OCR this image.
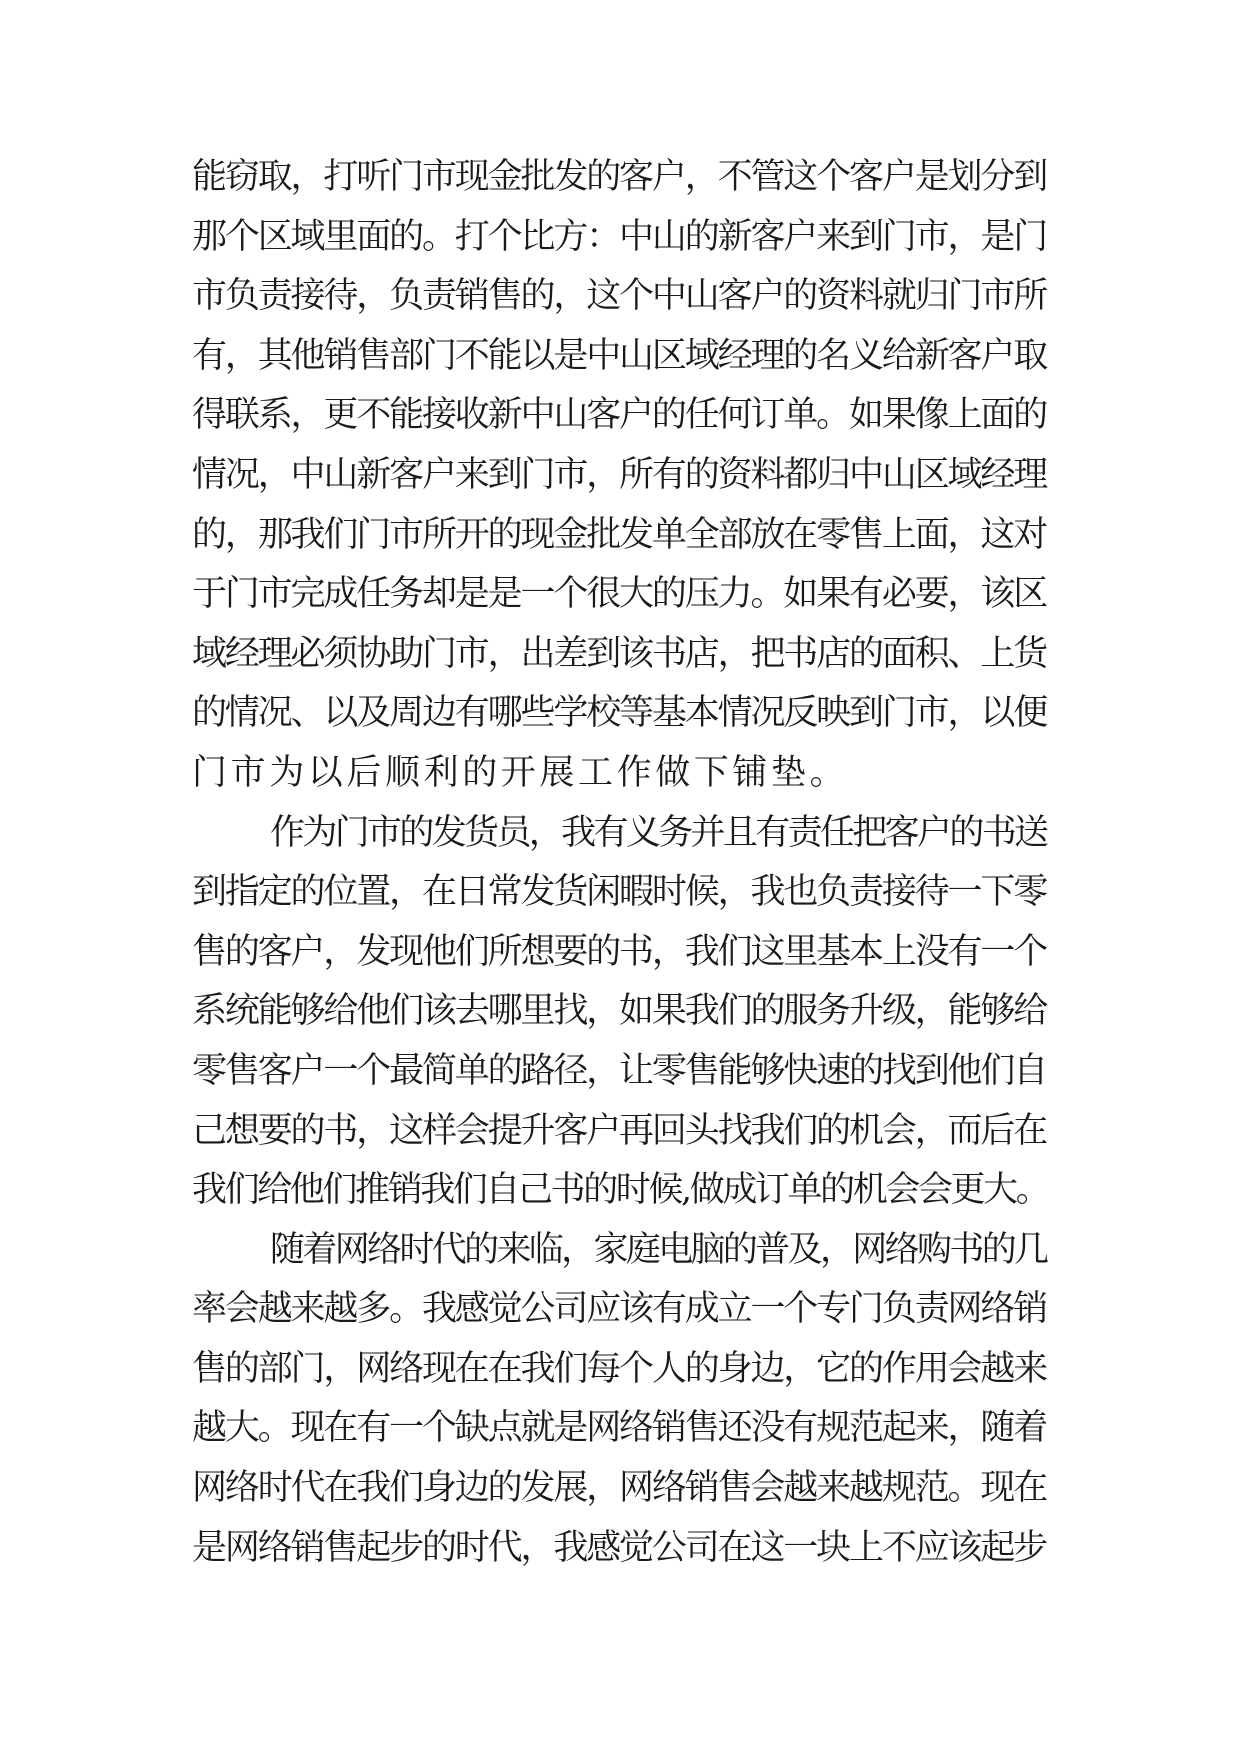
能窃取，打听门市现金批发的客户，不管这个客户是划分到
那个区域里面的。打个比方：中山的新客户来到门市，是门
市负责接待，负责销售的，这个中山客户的资料就归门市所
有，其他销售部门不能以是中山区域经理的名义给新客户取
得联系，更不能接收新中山客户的任何订单。如果像上面的
情况，中山新客户来到门市，所有的资料都归中山区域经理
的，那我们门市所开的现金批发单全部放在零售上面，这对
于门市完成任务却是是一个很大的压力。如果有必要，该区
域经理必须协助门市，出差到该书店，把书店的面积、上货
的情况、以及周边有哪些学校等基本情况反映到门市，以便
门市为以后顺利的开展工作做下铺垫。
作为门市的发货员，我有义务并且有责任把客户的书送
到指定的位置，在日常发货闲暇时候，我也负责接待一下零
售的客户，发现他们所想要的书，我们这里基本上没有一个
系统能够给他们该去哪里找，如果我们的服务升级，能够给
零售客户一个最简单的路径，让零售能够快速的找到他们自
己想要的书，这样会提升客户再回头找我们的机会，而后在
我们给他们推销我们自己书的时候,做成订单的机会会更大。
随着网络时代的来临，家庭电脑的普及，网络购书的几
率会越来越多。我感觉公司应该有成立一个专门负责网络销
售的部门，网络现在在我们每个人的身边，它的作用会越来
越大。现在有一个缺点就是网络销售还没有规范起来，随着
网络时代在我们身边的发展，网络销售会越来越规范。现在
是网络销售起步的时代，我感觉公司在这一块上不应该起步
